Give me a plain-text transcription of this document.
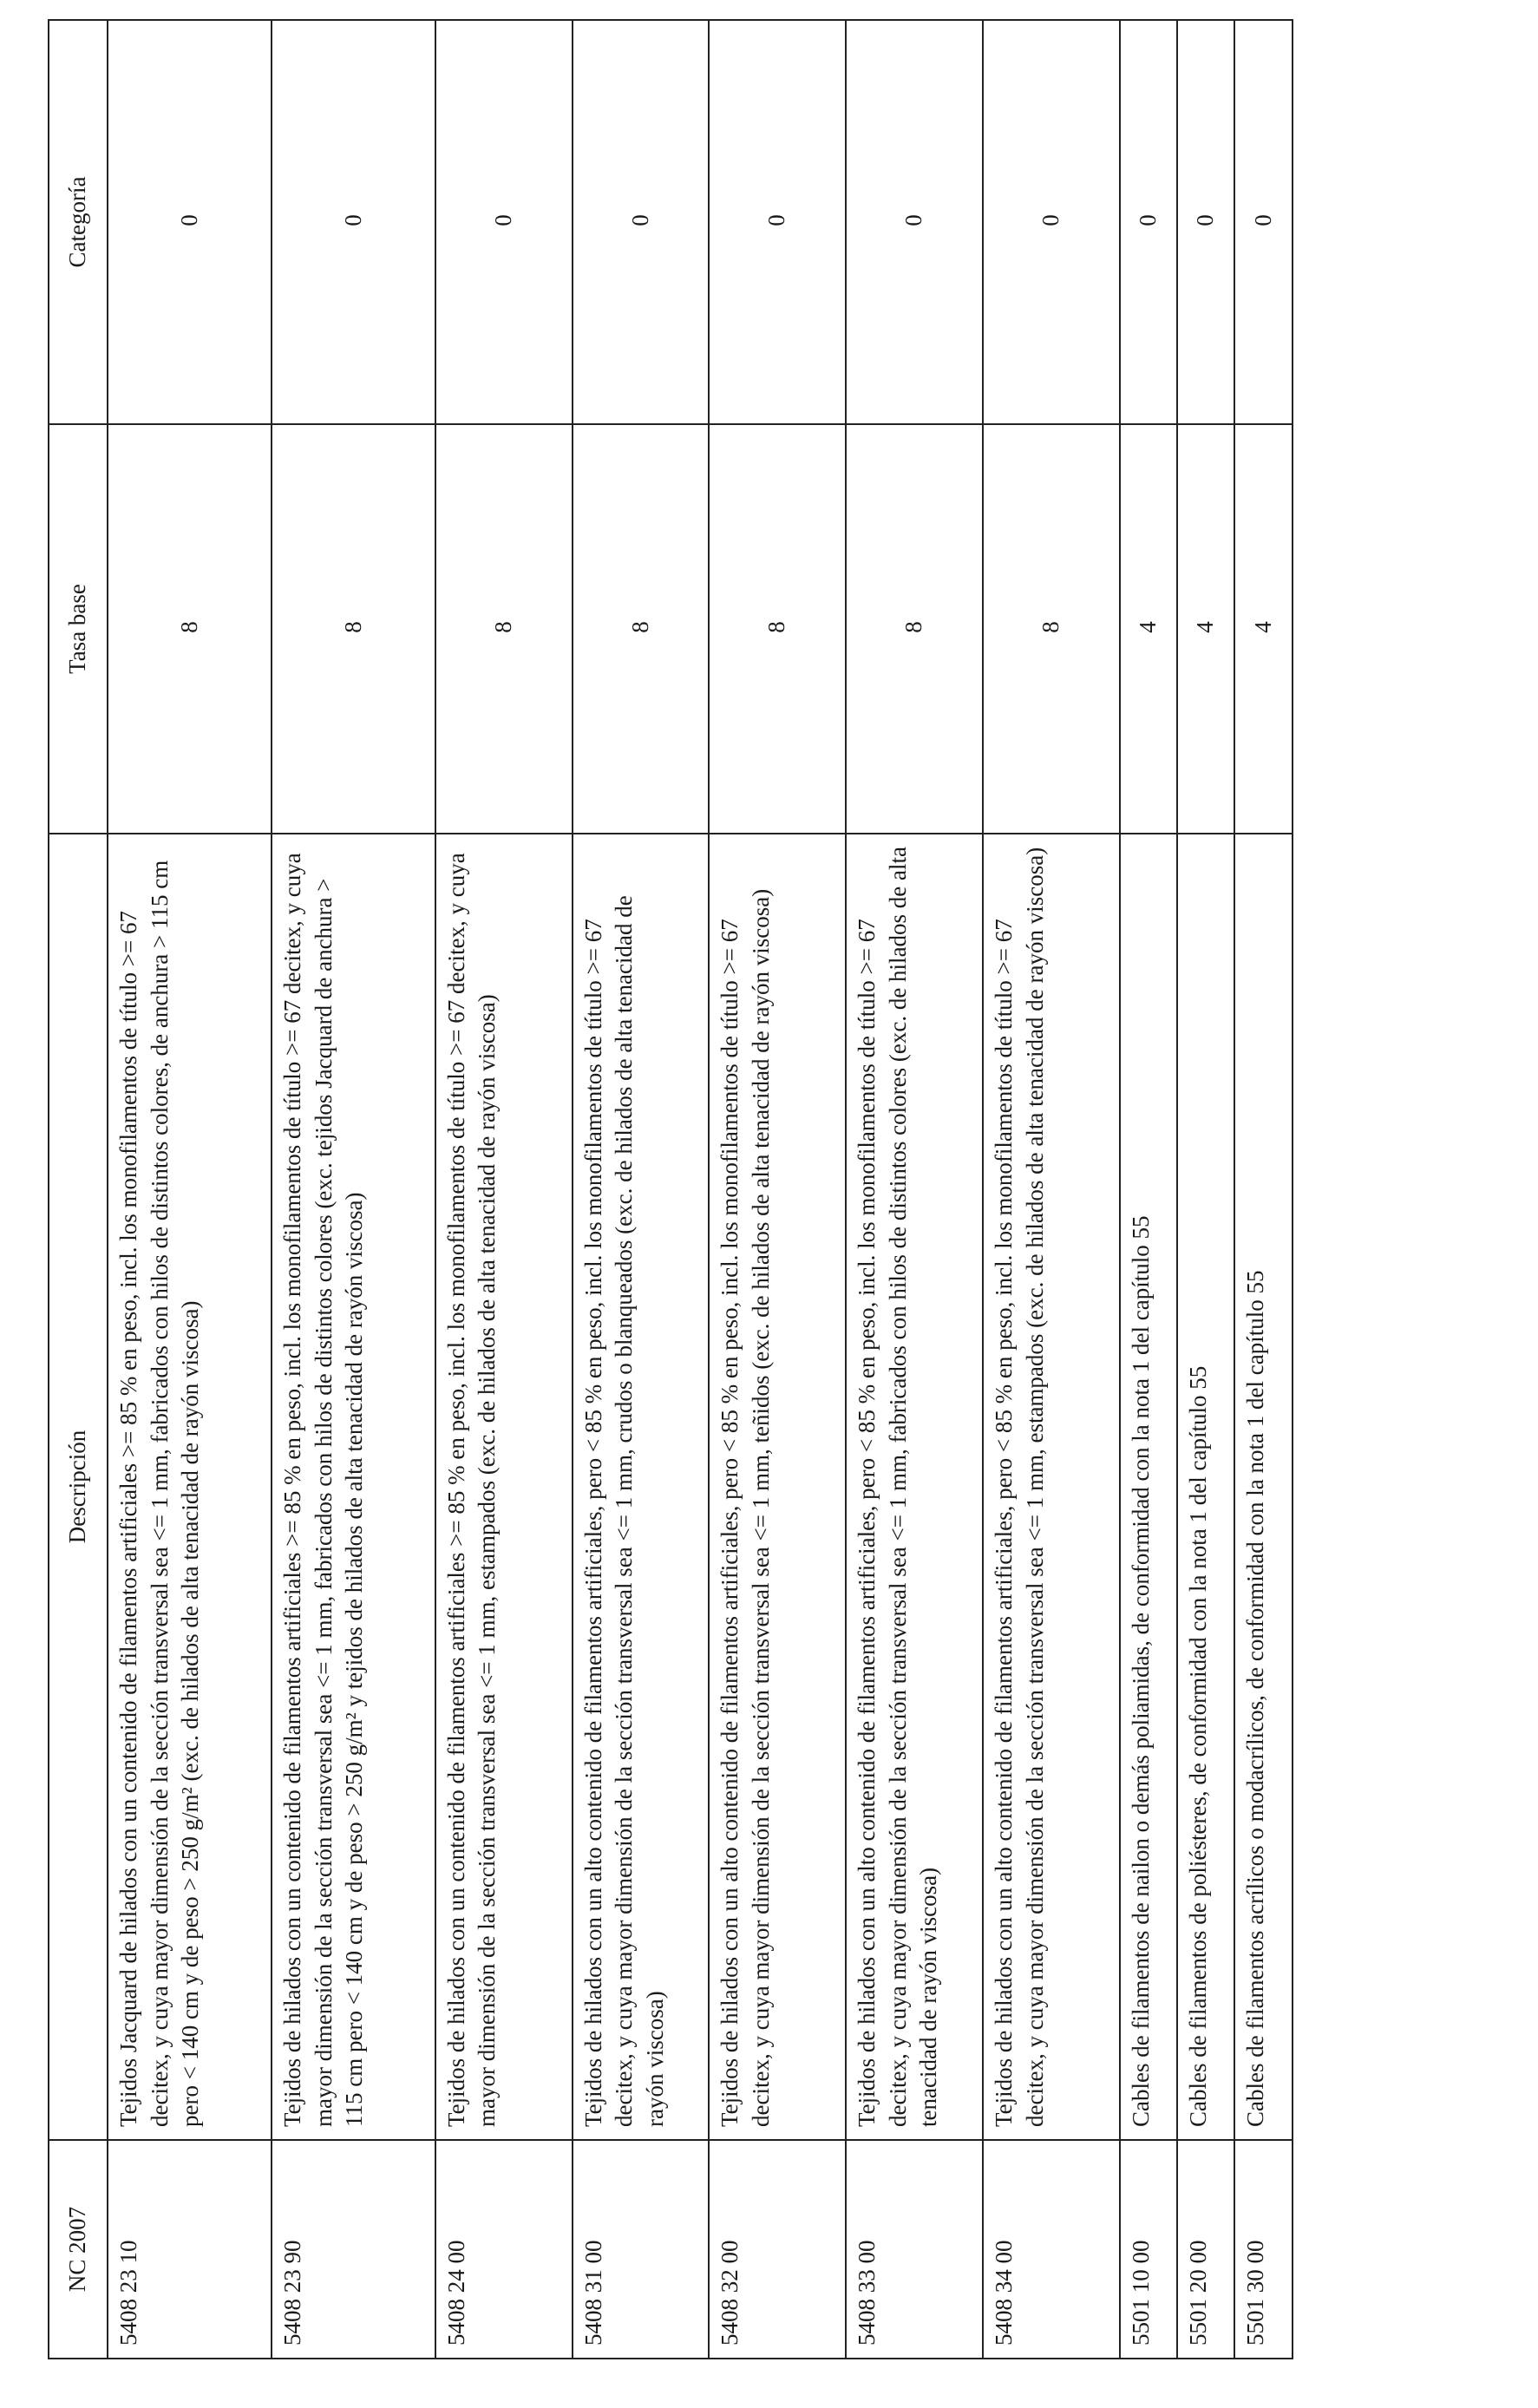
NC 2007	Descripción	Tasa base	Categoría
5408 23 10	Tejidos Jacquard de hilados con un contenido de filamentos artificiales >= 85 % en peso, incl. los monofilamentos de título >= 67 decitex, y cuya mayor dimensión de la sección transversal sea <= 1 mm, fabricados con hilos de distintos colores, de anchura > 115 cm pero < 140 cm y de peso > 250 g/m² (exc. de hilados de alta tenacidad de rayón viscosa)	8	0
5408 23 90	Tejidos de hilados con un contenido de filamentos artificiales >= 85 % en peso, incl. los monofilamentos de título >= 67 decitex, y cuya mayor dimensión de la sección transversal sea <= 1 mm, fabricados con hilos de distintos colores (exc. tejidos Jacquard de anchura > 115 cm pero < 140 cm y de peso > 250 g/m² y tejidos de hilados de alta tenacidad de rayón viscosa)	8	0
5408 24 00	Tejidos de hilados con un contenido de filamentos artificiales >= 85 % en peso, incl. los monofilamentos de título >= 67 decitex, y cuya mayor dimensión de la sección transversal sea <= 1 mm, estampados (exc. de hilados de alta tenacidad de rayón viscosa)	8	0
5408 31 00	Tejidos de hilados con un alto contenido de filamentos artificiales, pero < 85 % en peso, incl. los monofilamentos de título >= 67 decitex, y cuya mayor dimensión de la sección transversal sea <= 1 mm, crudos o blanqueados (exc. de hilados de alta tenacidad de rayón viscosa)	8	0
5408 32 00	Tejidos de hilados con un alto contenido de filamentos artificiales, pero < 85 % en peso, incl. los monofilamentos de título >= 67 decitex, y cuya mayor dimensión de la sección transversal sea <= 1 mm, teñidos (exc. de hilados de alta tenacidad de rayón viscosa)	8	0
5408 33 00	Tejidos de hilados con un alto contenido de filamentos artificiales, pero < 85 % en peso, incl. los monofilamentos de título >= 67 decitex, y cuya mayor dimensión de la sección transversal sea <= 1 mm, fabricados con hilos de distintos colores (exc. de hilados de alta tenacidad de rayón viscosa)	8	0
5408 34 00	Tejidos de hilados con un alto contenido de filamentos artificiales, pero < 85 % en peso, incl. los monofilamentos de título >= 67 decitex, y cuya mayor dimensión de la sección transversal sea <= 1 mm, estampados (exc. de hilados de alta tenacidad de rayón viscosa)	8	0
5501 10 00	Cables de filamentos de nailon o demás poliamidas, de conformidad con la nota 1 del capítulo 55	4	0
5501 20 00	Cables de filamentos de poliésteres, de conformidad con la nota 1 del capítulo 55	4	0
5501 30 00	Cables de filamentos acrílicos o modacrílicos, de conformidad con la nota 1 del capítulo 55	4	0
